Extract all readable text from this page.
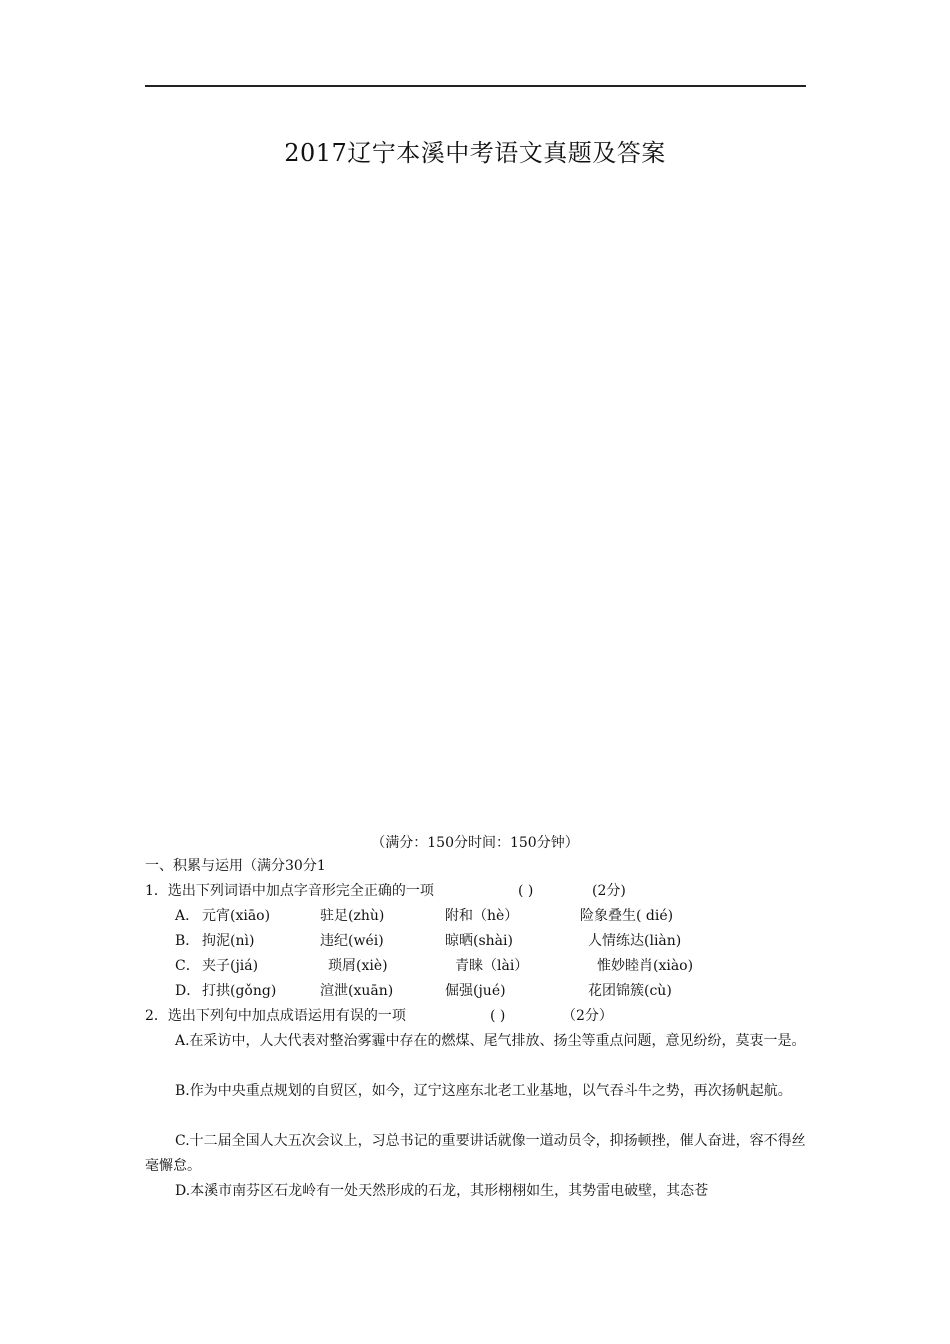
2017辽宁本溪中考语文真题及答案
（满分：150分时间：150分钟）
一、积累与运用（满分30分1
1．选出下列词语中加点字音形完全正确的一项	( )	(2分)
A． 元宵(xiāo)	驻足(zhù)	附和（hè）	险象叠生( dié)
B． 拘泥(nì)	违纪(wéi)	晾晒(shài)	人情练达(liàn)
C． 夹子(jiá)	琐屑(xiè)	青睐（lài）	惟妙睦肖(xiào)
D． 打拱(gǒng)	渲泄(xuān)	倔强(jué)	花团锦簇(cù)
2．选出下列句中加点成语运用有误的一项	( )	（2分）
A.在采访中，人大代表对整治雾霾中存在的燃煤、尾气排放、扬尘等重点问题，意见纷纷，莫衷一是。
B.作为中央重点规划的自贸区，如今，辽宁这座东北老工业基地，以气吞斗牛之势，再次扬帆起航。
C.十二届全国人大五次会议上，习总书记的重要讲话就像一道动员令，抑扬顿挫，催人奋进，容不得丝毫懈怠。
D.本溪市南芬区石龙岭有一处天然形成的石龙，其形栩栩如生，其势雷电破壁，其态苍
